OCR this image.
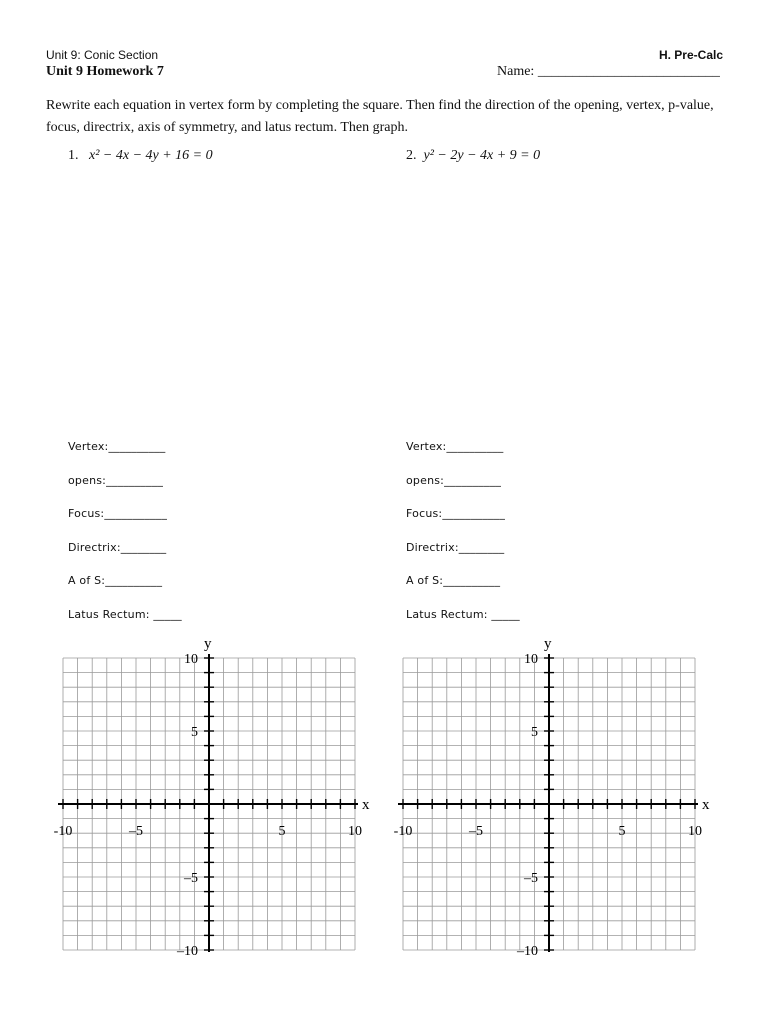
Unit 9: Conic Section
Unit 9 Homework 7
H. Pre-Calc
Name: __________________________
Rewrite each equation in vertex form by completing the square. Then find the direction of the opening, vertex, p-value, focus, directrix, axis of symmetry, and latus rectum. Then graph.
1. x² − 4x − 4y + 16 = 0	2. y² − 2y − 4x + 9 = 0
Vertex:__________
opens:__________
Focus:___________
Directrix:________
A of S:__________
Latus Rectum: _____
Vertex:__________
opens:__________
Focus:___________
Directrix:________
A of S:__________
Latus Rectum: _____
x
y
-10	–5	5	10
10
5
–5
–10
x
y
-10	–5	5	10
10
5
–5
–10
